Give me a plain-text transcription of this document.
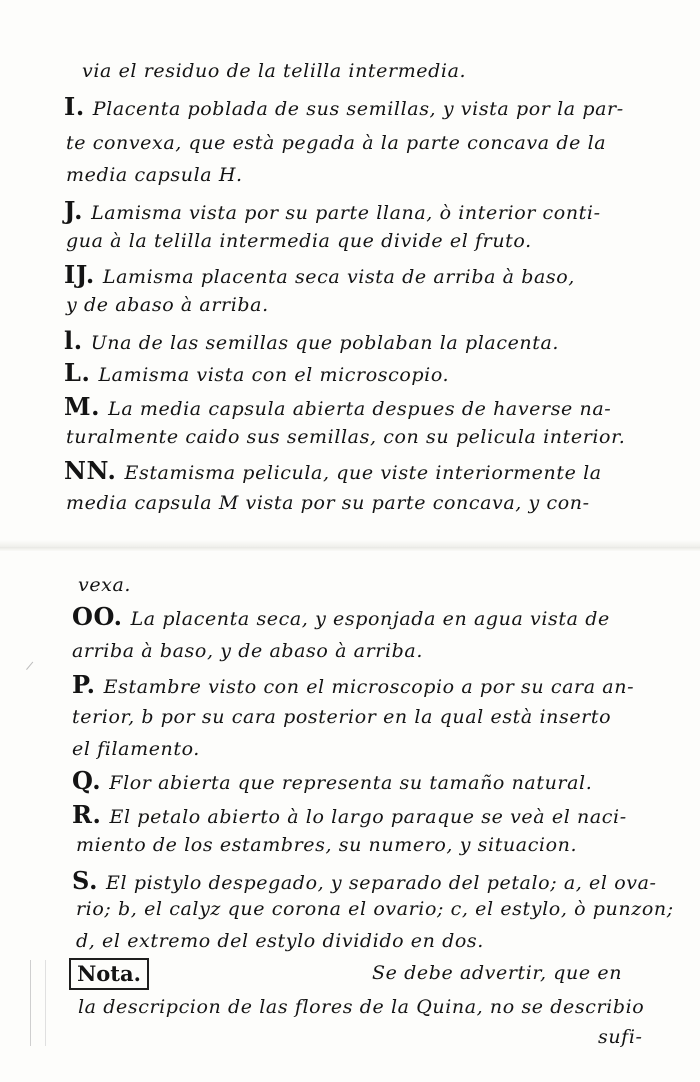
via el residuo de la telilla intermedia.
I. Placenta poblada de sus semillas, y vista por la par-
te convexa, que està pegada à la parte concava de la
media capsula H.
J. Lamisma vista por su parte llana, ò interior conti-
gua à la telilla intermedia que divide el fruto.
IJ. Lamisma placenta seca vista de arriba à baso,
y de abaso à arriba.
l. Una de las semillas que poblaban la placenta.
L. Lamisma vista con el microscopio.
M. La media capsula abierta despues de haverse na-
turalmente caido sus semillas, con su pelicula interior.
NN. Estamisma pelicula, que viste interiormente la
media capsula M vista por su parte concava, y con-
vexa.
OO. La placenta seca, y esponjada en agua vista de
arriba à baso, y de abaso à arriba.
P. Estambre visto con el microscopio a por su cara an-
terior, b por su cara posterior en la qual està inserto
el filamento.
Q. Flor abierta que representa su tamaño natural.
R. El petalo abierto à lo largo paraque se veà el naci-
miento de los estambres, su numero, y situacion.
S. El pistylo despegado, y separado del petalo; a, el ova-
rio; b, el calyz que corona el ovario; c, el estylo, ò punzon;
d, el extremo del estylo dividido en dos.
Nota.	Se debe advertir, que en
la descripcion de las flores de la Quina, no se describio
sufi-
